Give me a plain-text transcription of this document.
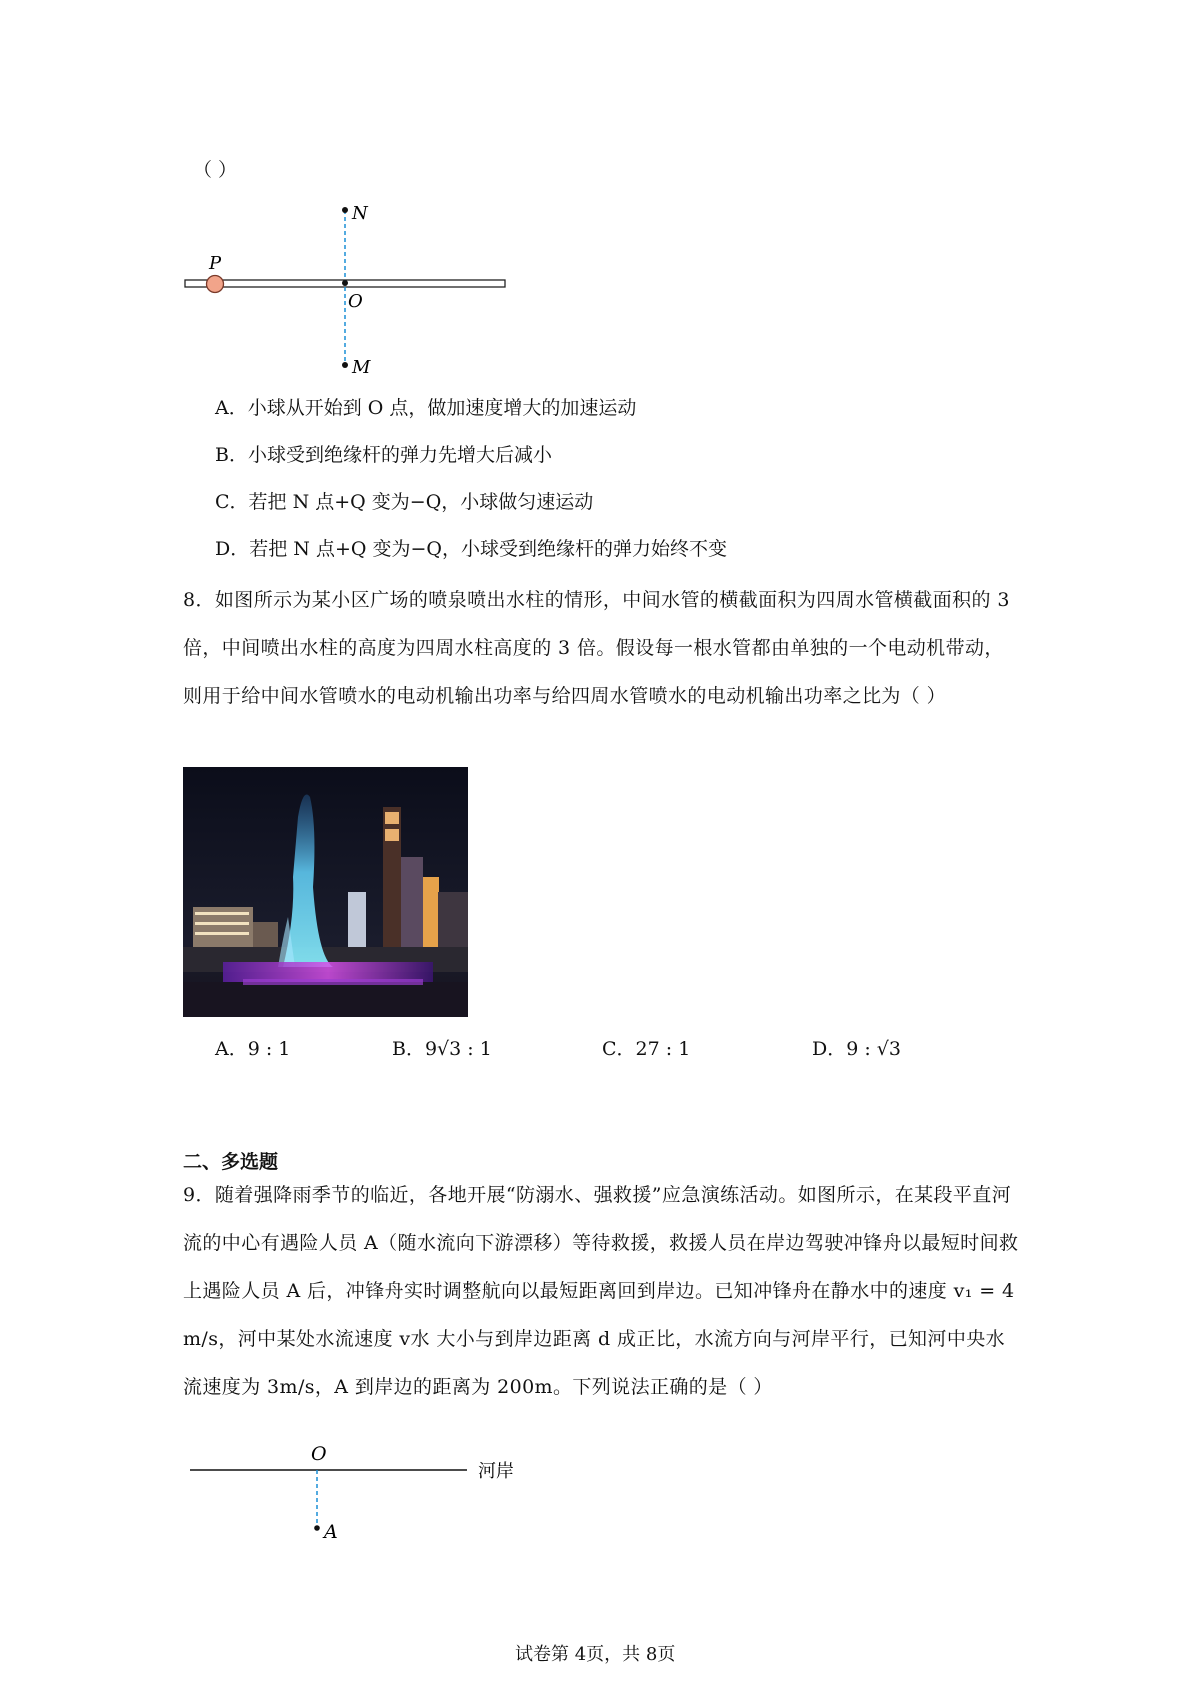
（ ）
N
O
M
P
A．小球从开始到 O 点，做加速度增大的加速运动
B．小球受到绝缘杆的弹力先增大后减小
C．若把 N 点+Q 变为−Q，小球做匀速运动
D．若把 N 点+Q 变为−Q，小球受到绝缘杆的弹力始终不变
8．如图所示为某小区广场的喷泉喷出水柱的情形，中间水管的横截面积为四周水管横截面积的 3 倍，中间喷出水柱的高度为四周水柱高度的 3 倍。假设每一根水管都由单独的一个电动机带动，则用于给中间水管喷水的电动机输出功率与给四周水管喷水的电动机输出功率之比为（ ）
A．9 : 1	B．9√3 : 1	C．27 : 1	D．9 : √3
二、多选题
9．随着强降雨季节的临近，各地开展“防溺水、强救援”应急演练活动。如图所示，在某段平直河流的中心有遇险人员 A（随水流向下游漂移）等待救援，救援人员在岸边驾驶冲锋舟以最短时间救上遇险人员 A 后，冲锋舟实时调整航向以最短距离回到岸边。已知冲锋舟在静水中的速度 v₁ = 4 m/s，河中某处水流速度 v水 大小与到岸边距离 d 成正比，水流方向与河岸平行，已知河中央水流速度为 3m/s，A 到岸边的距离为 200m。下列说法正确的是（ ）
O
A
河岸
试卷第 4页，共 8页
